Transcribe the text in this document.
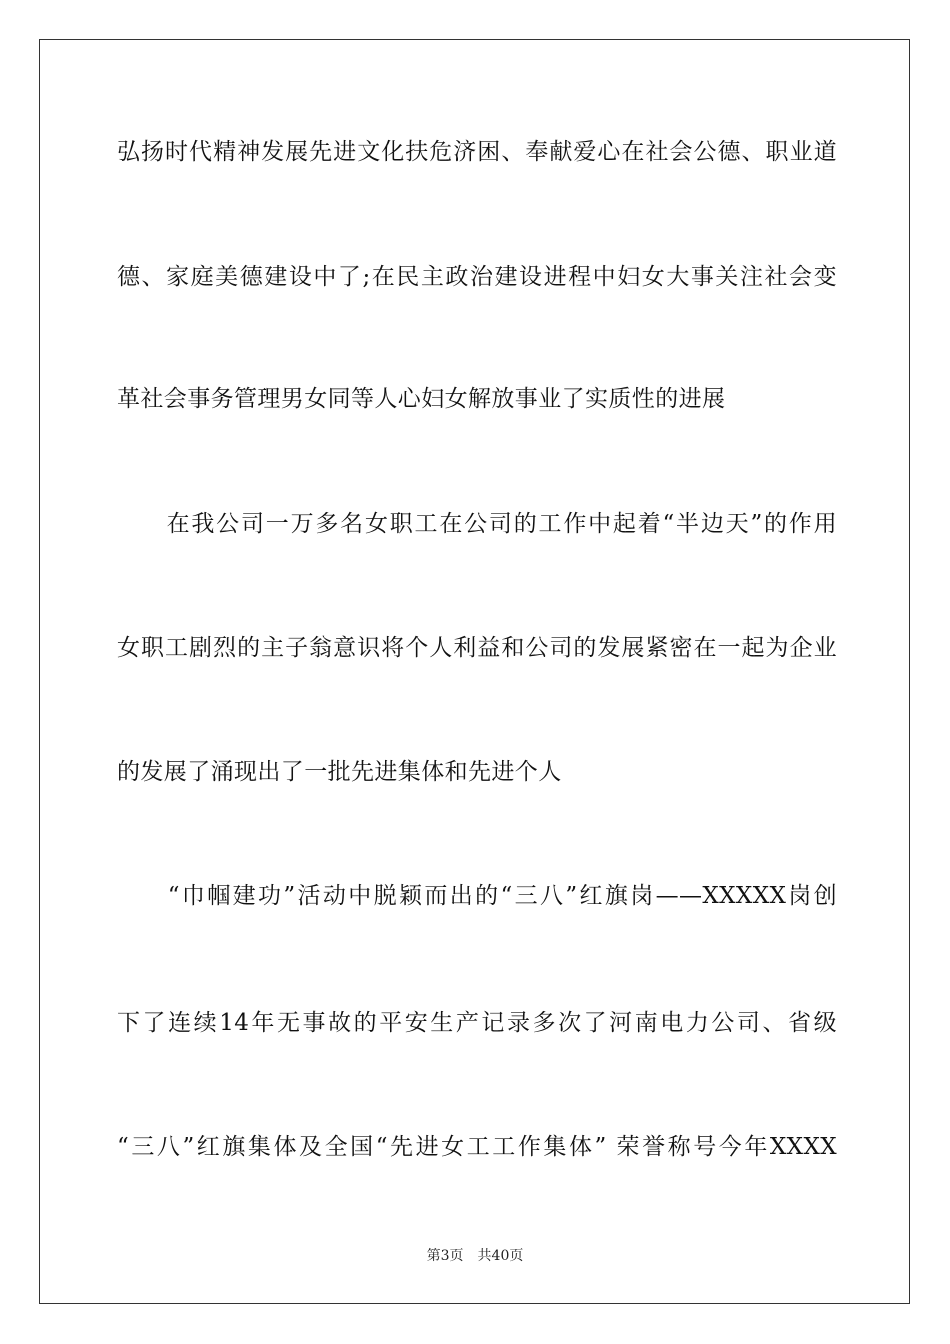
弘扬时代精神发展先进文化扶危济困、奉献爱心在社会公德、职业道
德、家庭美德建设中了;在民主政治建设进程中妇女大事关注社会变
革社会事务管理男女同等人心妇女解放事业了实质性的进展
　　在我公司一万多名女职工在公司的工作中起着“半边天”的作用
女职工剧烈的主子翁意识将个人利益和公司的发展紧密在一起为企业
的发展了涌现出了一批先进集体和先进个人
　　“巾帼建功”活动中脱颖而出的“三八”红旗岗——XXXXX岗创
下了连续14年无事故的平安生产记录多次了河南电力公司、省级
“三八”红旗集体及全国“先进女工工作集体” 荣誉称号今年XXXX
第3页　共40页
